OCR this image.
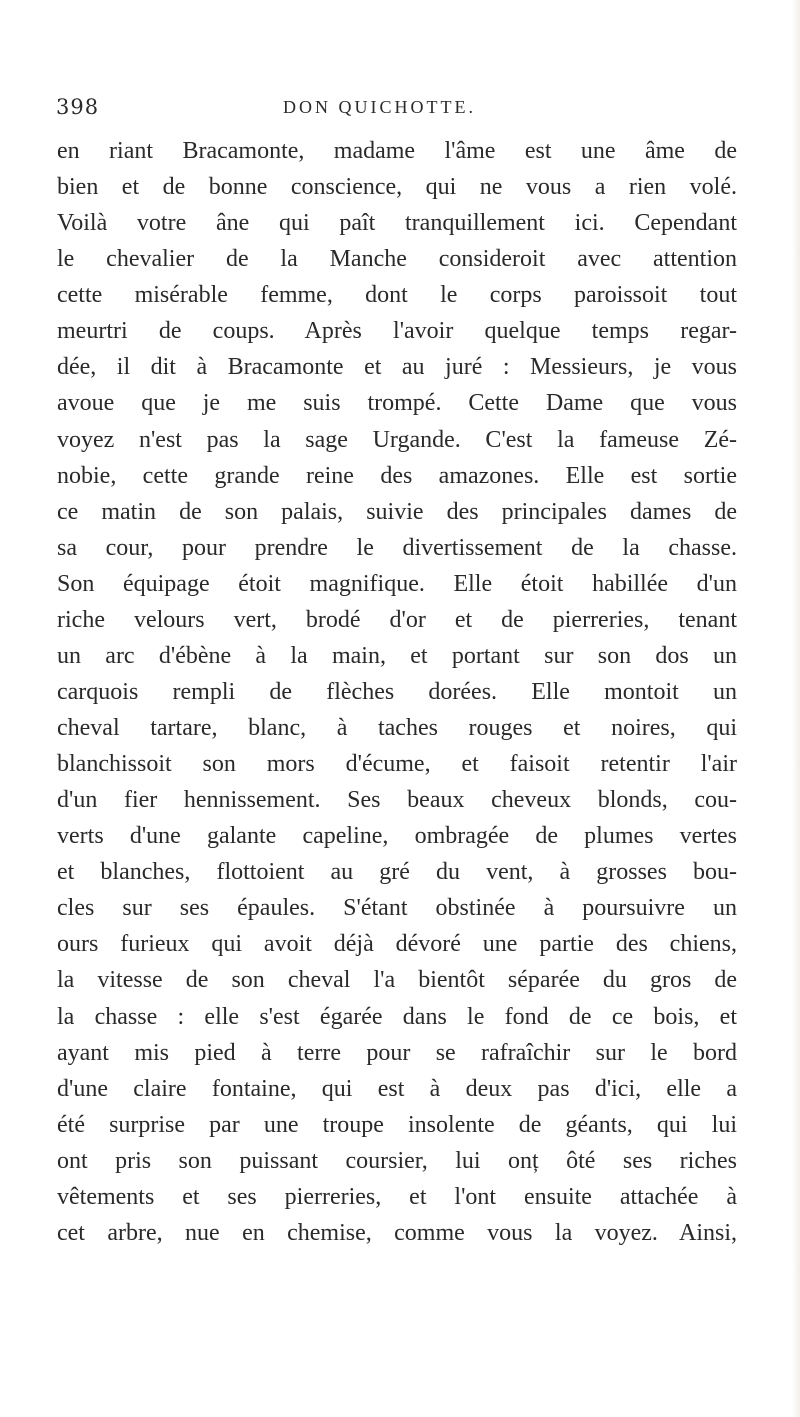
398	DON QUICHOTTE.
en riant Bracamonte, madame l'âme est une âme de
bien et de bonne conscience, qui ne vous a rien volé.
Voilà votre âne qui paît tranquillement ici. Cependant
le chevalier de la Manche consideroit avec attention
cette misérable femme, dont le corps paroissoit tout
meurtri de coups. Après l'avoir quelque temps regar-
dée, il dit à Bracamonte et au juré : Messieurs, je vous
avoue que je me suis trompé. Cette Dame que vous
voyez n'est pas la sage Urgande. C'est la fameuse Zé-
nobie, cette grande reine des amazones. Elle est sortie
ce matin de son palais, suivie des principales dames de
sa cour, pour prendre le divertissement de la chasse.
Son équipage étoit magnifique. Elle étoit habillée d'un
riche velours vert, brodé d'or et de pierreries, tenant
un arc d'ébène à la main, et portant sur son dos un
carquois rempli de flèches dorées. Elle montoit un
cheval tartare, blanc, à taches rouges et noires, qui
blanchissoit son mors d'écume, et faisoit retentir l'air
d'un fier hennissement. Ses beaux cheveux blonds, cou-
verts d'une galante capeline, ombragée de plumes vertes
et blanches, flottoient au gré du vent, à grosses bou-
cles sur ses épaules. S'étant obstinée à poursuivre un
ours furieux qui avoit déjà dévoré une partie des chiens,
la vitesse de son cheval l'a bientôt séparée du gros de
la chasse : elle s'est égarée dans le fond de ce bois, et
ayant mis pied à terre pour se rafraîchir sur le bord
d'une claire fontaine, qui est à deux pas d'ici, elle a
été surprise par une troupe insolente de géants, qui lui
ont pris son puissant coursier, lui onț ôté ses riches
vêtements et ses pierreries, et l'ont ensuite attachée à
cet arbre, nue en chemise, comme vous la voyez. Ainsi,
